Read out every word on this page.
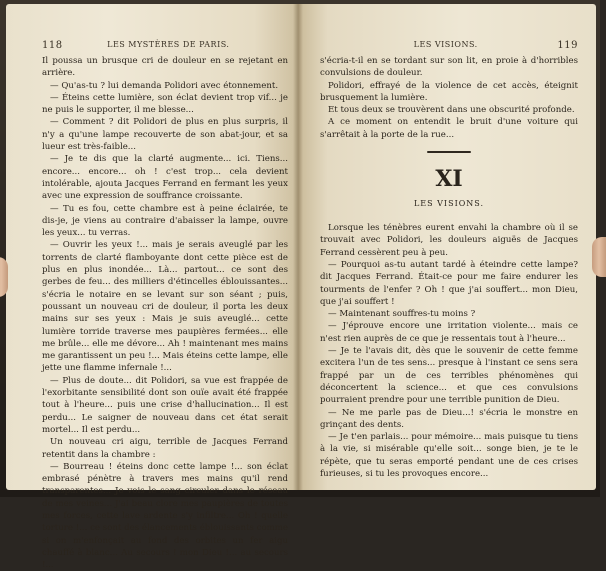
118	LES MYSTÈRES DE PARIS.

Il poussa un brusque cri de douleur en se rejetant en arrière.

— Qu'as-tu ? lui demanda Polidori avec étonnement.

— Éteins cette lumière, son éclat devient trop vif... je ne puis le supporter, il me blesse...

— Comment ? dit Polidori de plus en plus surpris, il n'y a qu'une lampe recouverte de son abat-jour, et sa lueur est très-faible...

— Je te dis que la clarté augmente... ici. Tiens... encore... encore... oh ! c'est trop... cela devient intolérable, ajouta Jacques Ferrand en fermant les yeux avec une expression de souffrance croissante.

— Tu es fou, cette chambre est à peine éclairée, te dis-je, je viens au contraire d'abaisser la lampe, ouvre les yeux... tu verras.

— Ouvrir les yeux !... mais je serais aveuglé par les torrents de clarté flamboyante dont cette pièce est de plus en plus inondée... Là... partout... ce sont des gerbes de feu... des milliers d'étincelles éblouissantes... s'écria le notaire en se levant sur son séant ; puis, poussant un nouveau cri de douleur, il porta les deux mains sur ses yeux : Mais je suis aveuglé... cette lumière torride traverse mes paupières fermées... elle me brûle... elle me dévore... Ah ! maintenant mes mains me garantissent un peu !... Mais éteins cette lampe, elle jette une flamme infernale !...

— Plus de doute... dit Polidori, sa vue est frappée de l'exorbitante sensibilité dont son ouïe avait été frappée tout à l'heure... puis une crise d'hallucination... Il est perdu... Le saigner de nouveau dans cet état serait mortel... Il est perdu...

Un nouveau cri aigu, terrible de Jacques Ferrand retentit dans la chambre :

— Bourreau ! éteins donc cette lampe !... son éclat embrasé pénètre à travers mes mains qu'il rend transparentes... Je vois le sang circuler dans le réseau de mes veines... J'ai beau clore mes paupières de toutes mes forces, cette lave ardente s'y infiltre... Oh ! quelle torture !... ce sont des élancements éblouissants comme si on m'enfonçait au fond des orbites un fer aigu chauffé à blanc... Au secours ! mon Dieu !... au secours !...

LES VISIONS.	119

s'écria-t-il en se tordant sur son lit, en proie à d'horribles convulsions de douleur.

Polidori, effrayé de la violence de cet accès, éteignit brusquement la lumière.

Et tous deux se trouvèrent dans une obscurité profonde.

A ce moment on entendit le bruit d'une voiture qui s'arrêtait à la porte de la rue...

XI
LES VISIONS.

Lorsque les ténèbres eurent envahi la chambre où il se trouvait avec Polidori, les douleurs aiguës de Jacques Ferrand cessèrent peu à peu.

— Pourquoi as-tu autant tardé à éteindre cette lampe? dit Jacques Ferrand. Était-ce pour me faire endurer les tourments de l'enfer ? Oh ! que j'ai souffert... mon Dieu, que j'ai souffert !

— Maintenant souffres-tu moins ?

— J'éprouve encore une irritation violente... mais ce n'est rien auprès de ce que je ressentais tout à l'heure...

— Je te l'avais dit, dès que le souvenir de cette femme excitera l'un de tes sens... presque à l'instant ce sens sera frappé par un de ces terribles phénomènes qui déconcertent la science... et que ces convulsions pourraient prendre pour une terrible punition de Dieu.

— Ne me parle pas de Dieu...! s'écria le monstre en grinçant des dents.

— Je t'en parlais... pour mémoire... mais puisque tu tiens à la vie, si misérable qu'elle soit... songe bien, je te le répète, que tu seras emporté pendant une de ces crises furieuses, si tu les provoques encore...
